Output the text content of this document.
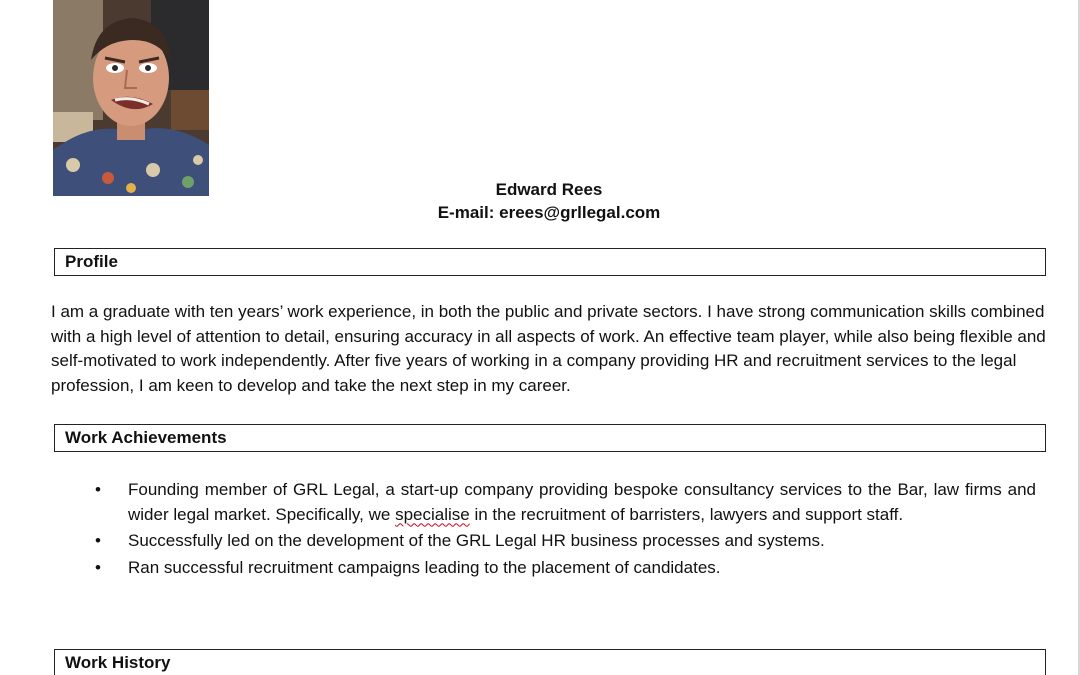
Edward Rees
E-mail: erees@grllegal.com
Profile
I am a graduate with ten years’ work experience, in both the public and private sectors. I have strong communication skills combined with a high level of attention to detail, ensuring accuracy in all aspects of work. An effective team player, while also being flexible and self-motivated to work independently. After five years of working in a company providing HR and recruitment services to the legal profession, I am keen to develop and take the next step in my career.
Work Achievements
• Founding member of GRL Legal, a start-up company providing bespoke consultancy services to the Bar, law firms and wider legal market. Specifically, we specialise in the recruitment of barristers, lawyers and support staff.
• Successfully led on the development of the GRL Legal HR business processes and systems.
• Ran successful recruitment campaigns leading to the placement of candidates.
Work History
